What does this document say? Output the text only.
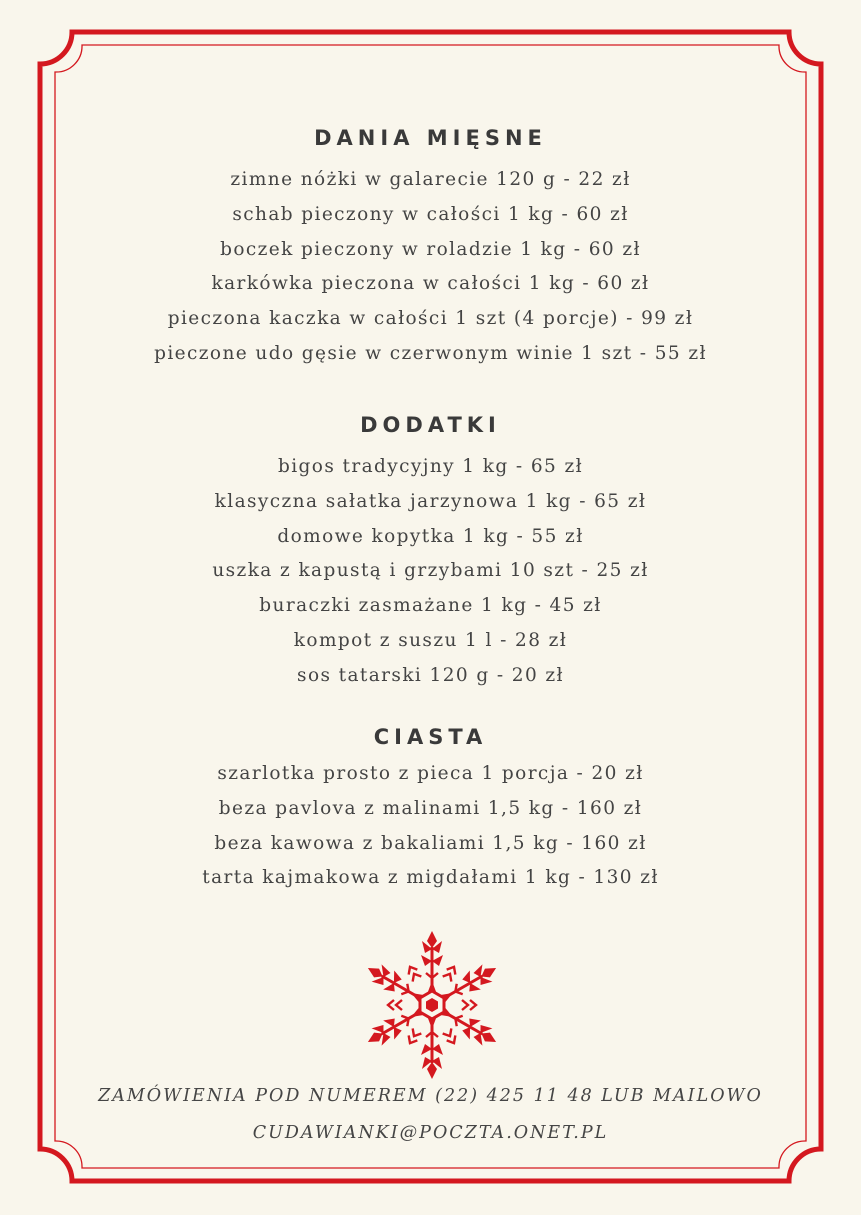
DANIA MIĘSNE
zimne nóżki w galarecie 120 g - 22 zł
schab pieczony w całości 1 kg - 60 zł
boczek pieczony w roladzie 1 kg - 60 zł
karkówka pieczona w całości 1 kg - 60 zł
pieczona kaczka w całości 1 szt (4 porcje) - 99 zł
pieczone udo gęsie w czerwonym winie 1 szt - 55 zł
DODATKI
bigos tradycyjny 1 kg - 65 zł
klasyczna sałatka jarzynowa 1 kg - 65 zł
domowe kopytka 1 kg - 55 zł
uszka z kapustą i grzybami 10 szt - 25 zł
buraczki zasmażane 1 kg - 45 zł
kompot z suszu 1 l - 28 zł
sos tatarski 120 g - 20 zł
CIASTA
szarlotka prosto z pieca 1 porcja - 20 zł
beza pavlova z malinami 1,5 kg - 160 zł
beza kawowa z bakaliami 1,5 kg - 160 zł
tarta kajmakowa z migdałami 1 kg - 130 zł

ZAMÓWIENIA POD NUMEREM (22) 425 11 48 LUB MAILOWO

CUDAWIANKI@POCZTA.ONET.PL
